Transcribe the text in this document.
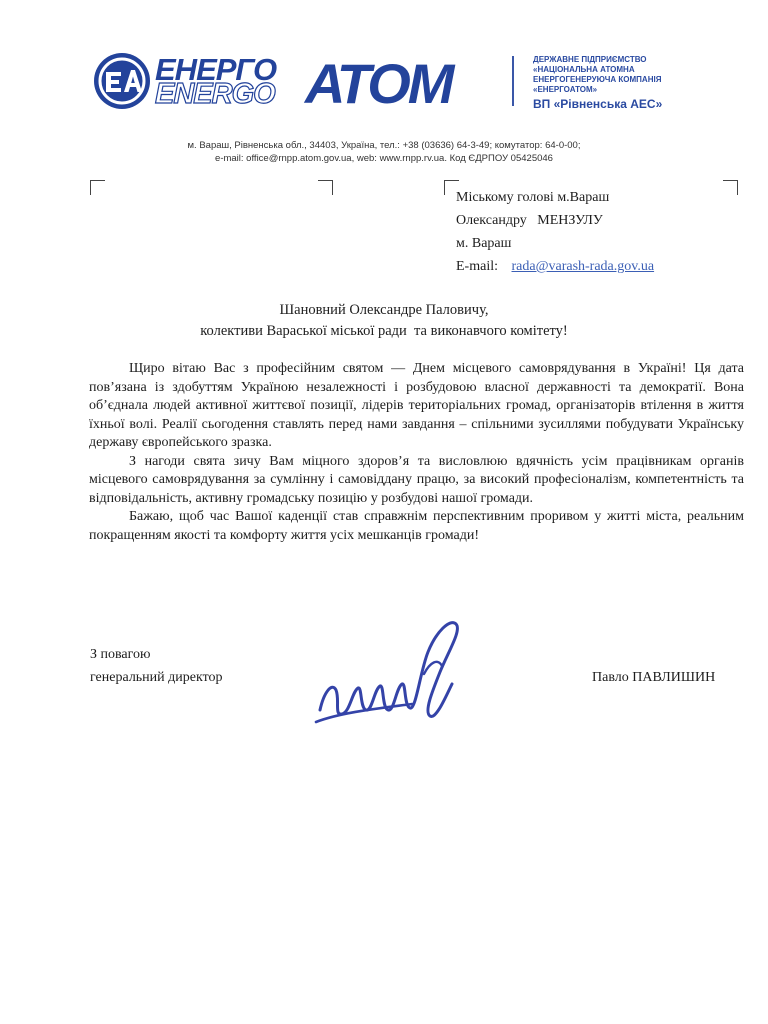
ЕНЕРГО
ENERGO АТОМ	ДЕРЖАВНЕ ПІДПРИЄМСТВО
«НАЦІОНАЛЬНА АТОМНА
ЕНЕРГОГЕНЕРУЮЧА КОМПАНІЯ
«ЕНЕРГОАТОМ»
ВП «Рівненська АЕС»
м. Вараш, Рівненська обл., 34403, Україна, тел.: +38 (03636) 64-3-49; комутатор: 64-0-00;
e-mail: office@rnpp.atom.gov.ua, web: www.rnpp.rv.ua. Код ЄДРПОУ 05425046
Міському голові м.Вараш
Олександру   МЕНЗУЛУ
м. Вараш
E-mail: rada@varash-rada.gov.ua
Шановний Олександре Паловичу,
колективи Вараської міської ради  та виконавчого комітету!

Щиро вітаю Вас з професійним святом — Днем місцевого самоврядування в Україні! Ця дата пов’язана із здобуттям Україною незалежності і розбудовою власної державності та демократії. Вона об’єднала людей активної життєвої позиції, лідерів територіальних громад, організаторів втілення в життя їхньої волі. Реалії сьогодення ставлять перед нами завдання – спільними зусиллями побудувати Українську державу європейського зразка.

З нагоди свята зичу Вам міцного здоров’я та висловлюю вдячність усім працівникам органів місцевого самоврядування за сумлінну і самовіддану працю, за високий професіоналізм, компетентність та відповідальність, активну громадську позицію у розбудові нашої громади.

Бажаю, щоб час Вашої каденції став справжнім перспективним проривом у житті міста, реальним покращенням якості та комфорту життя усіх мешканців громади!

З повагою
генеральний директор	Павло ПАВЛИШИН
